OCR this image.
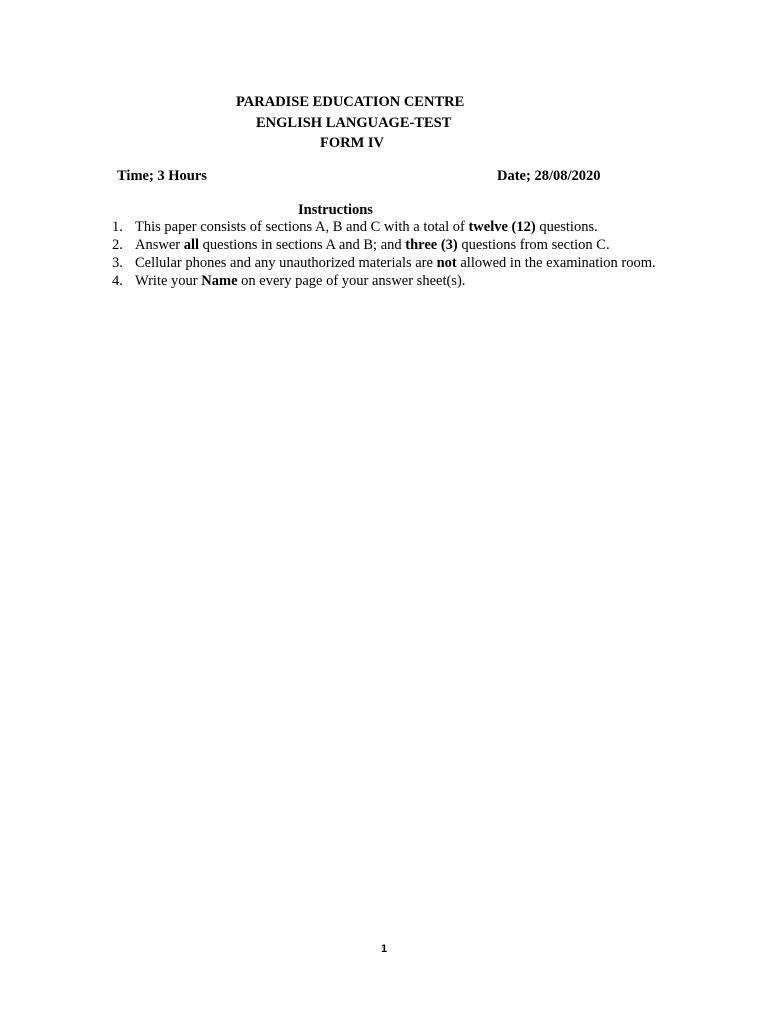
PARADISE EDUCATION CENTRE
ENGLISH LANGUAGE-TEST
FORM IV
Time; 3 Hours	Date; 28/08/2020
Instructions
1. This paper consists of sections A, B and C with a total of twelve (12) questions.
2. Answer all questions in sections A and B; and three (3) questions from section C.
3. Cellular phones and any unauthorized materials are not allowed in the examination room.
4. Write your Name on every page of your answer sheet(s).
1
